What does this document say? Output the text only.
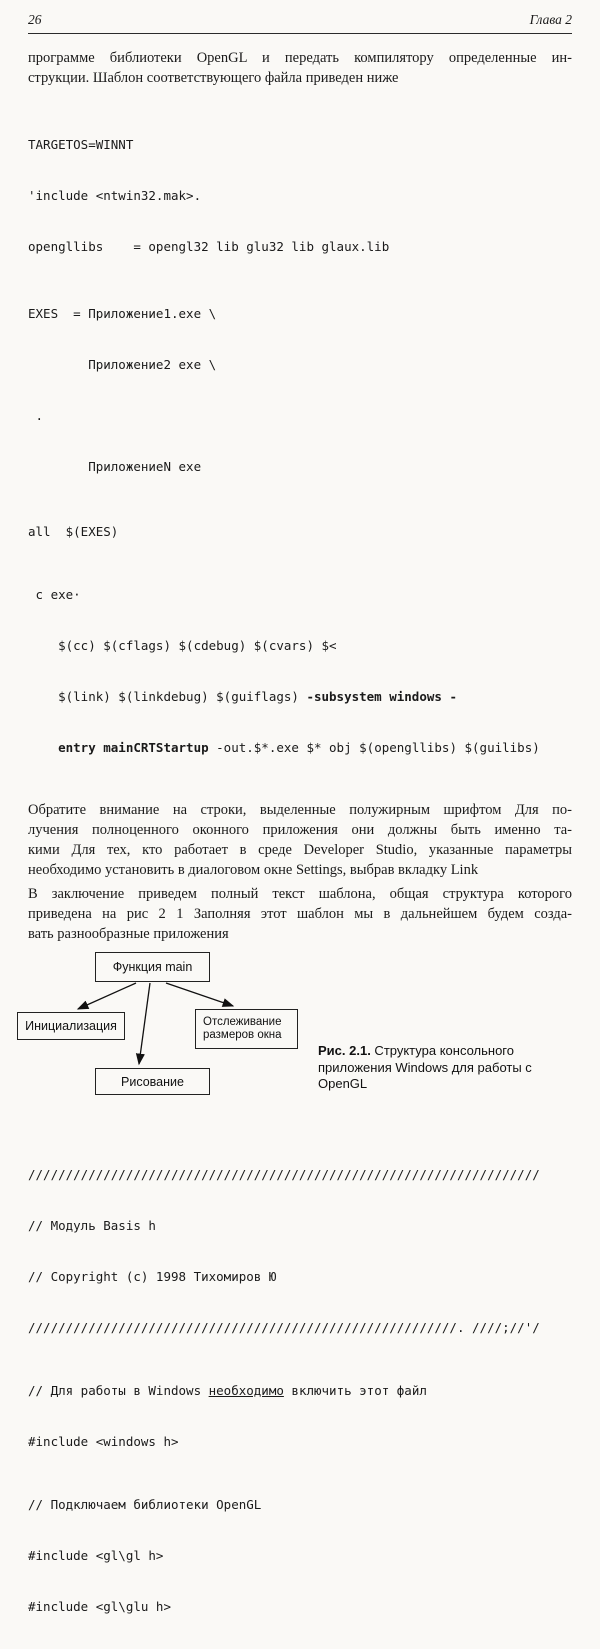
26	Глава 2
программе библиотеки OpenGL и передать компилятору определенные ин-
струкции. Шаблон соответствующего файла приведен ниже

TARGETOS=WINNT

'include <ntwin32.mak>.

opengllibs    = opengl32 lib glu32 lib glaux.lib

EXES  = Приложение1.exe \

Приложение2 exe \

.

ПриложениеN exe

all  $(EXES)

c exe·

$(cc) $(cflags) $(cdebug) $(cvars) $<

$(link) $(linkdebug) $(guiflags) -subsystem windows -

entry mainCRTStartup -out.$*.exe $* obj $(opengllibs) $(guilibs)

Обратите внимание на строки, выделенные полужирным шрифтом Для по-
лучения полноценного оконного приложения они должны быть именно та-
кими Для тех, кто работает в среде Developer Studio, указанные параметры
необходимо установить в диалоговом окне Settings, выбрав вкладку Link
В заключение приведем полный текст шаблона, общая структура которого
приведена на рис 2 1 Заполняя этот шаблон мы в дальнейшем будем созда-
вать разнообразные приложения
Функция main
Инициализация	Отслеживание
размеров окна
Рисование
Рис. 2.1. Структура консольного приложения Windows для работы с OpenGL

////////////////////////////////////////////////////////////////////

// Модуль Basis h

// Copyright (c) 1998 Тихомиров Ю

/////////////////////////////////////////////////////////. ////;//'/

// Для работы в Windows необходимо включить этот файл

#include <windows h>

// Подключаем библиотеки OpenGL

#include <gl\gl h>

#include <gl\glu h>
